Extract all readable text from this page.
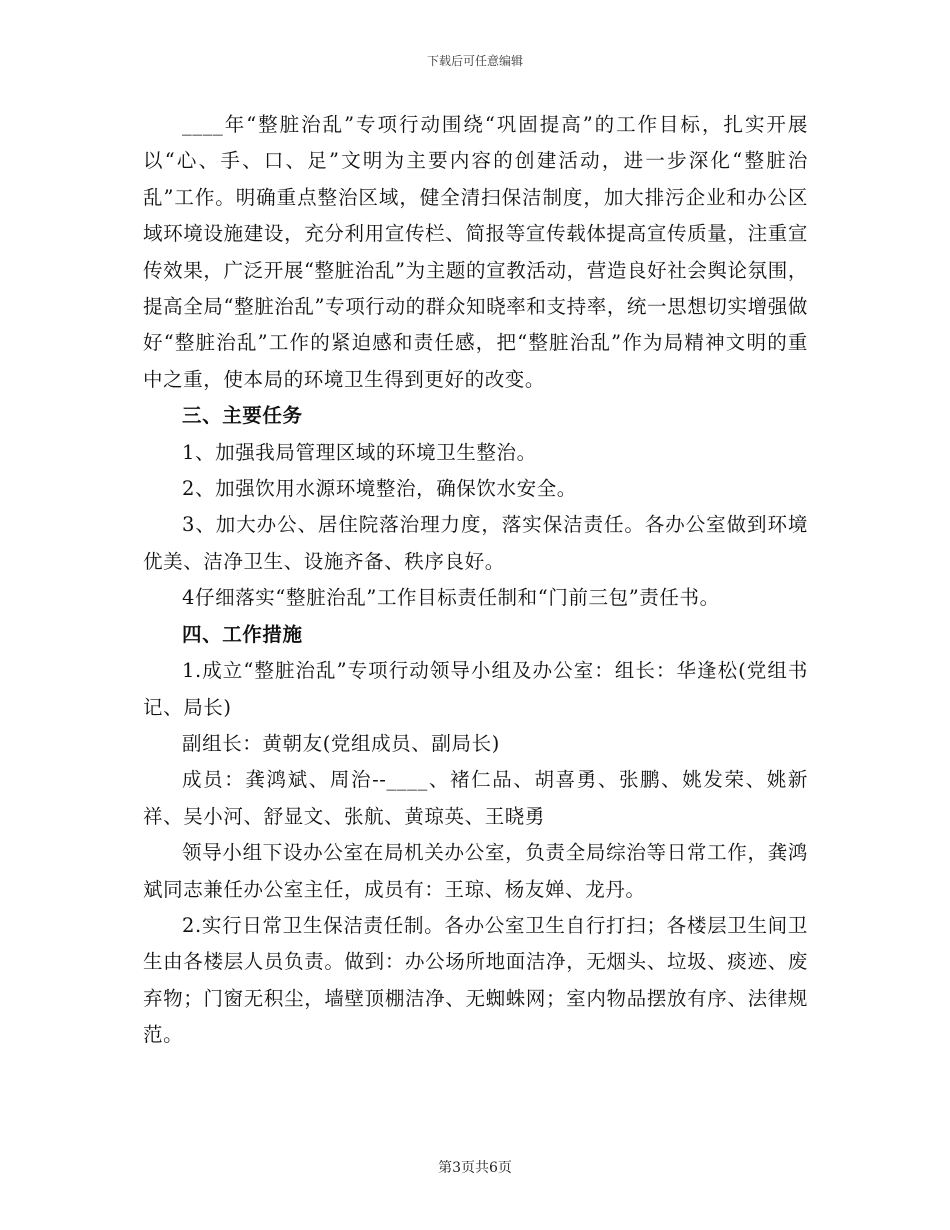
下载后可任意编辑

____年“整脏治乱”专项行动围绕“巩固提高”的工作目标，扎实开展以“心、手、口、足”文明为主要内容的创建活动，进一步深化“整脏治乱”工作。明确重点整治区域，健全清扫保洁制度，加大排污企业和办公区域环境设施建设，充分利用宣传栏、简报等宣传载体提高宣传质量，注重宣传效果，广泛开展“整脏治乱”为主题的宣教活动，营造良好社会舆论氛围，提高全局“整脏治乱”专项行动的群众知晓率和支持率，统一思想切实增强做好“整脏治乱”工作的紧迫感和责任感，把“整脏治乱”作为局精神文明的重中之重，使本局的环境卫生得到更好的改变。

三、主要任务

1、加强我局管理区域的环境卫生整治。

2、加强饮用水源环境整治，确保饮水安全。

3、加大办公、居住院落治理力度，落实保洁责任。各办公室做到环境优美、洁净卫生、设施齐备、秩序良好。

4仔细落实“整脏治乱”工作目标责任制和“门前三包”责任书。

四、工作措施

1.成立“整脏治乱”专项行动领导小组及办公室：组长：华逢松(党组书记、局长)

副组长：黄朝友(党组成员、副局长)

成员：龚鸿斌、周治--____、褚仁品、胡喜勇、张鹏、姚发荣、姚新祥、吴小河、舒显文、张航、黄琼英、王晓勇

领导小组下设办公室在局机关办公室，负责全局综治等日常工作，龚鸿斌同志兼任办公室主任，成员有：王琼、杨友婵、龙丹。

2.实行日常卫生保洁责任制。各办公室卫生自行打扫；各楼层卫生间卫生由各楼层人员负责。做到：办公场所地面洁净，无烟头、垃圾、痰迹、废弃物；门窗无积尘，墙壁顶棚洁净、无蜘蛛网；室内物品摆放有序、法律规范。

第3页共6页
